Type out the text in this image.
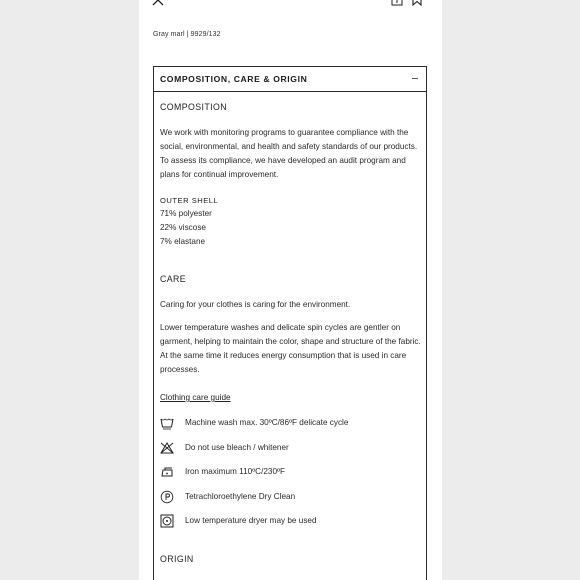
Gray marl | 9929/132
COMPOSITION, CARE & ORIGIN
COMPOSITION
We work with monitoring programs to guarantee compliance with the social, environmental, and health and safety standards of our products. To assess its compliance, we have developed an audit program and plans for continual improvement.
OUTER SHELL
71% polyester
22% viscose
7% elastane
CARE
Caring for your clothes is caring for the environment.
Lower temperature washes and delicate spin cycles are gentler on garment, helping to maintain the color, shape and structure of the fabric. At the same time it reduces energy consumption that is used in care processes.
Clothing care guide
Machine wash max. 30ºC/86ºF delicate cycle
Do not use bleach / whitener
Iron maximum 110ºC/230ºF
Tetrachloroethylene Dry Clean
Low temperature dryer may be used
ORIGIN
